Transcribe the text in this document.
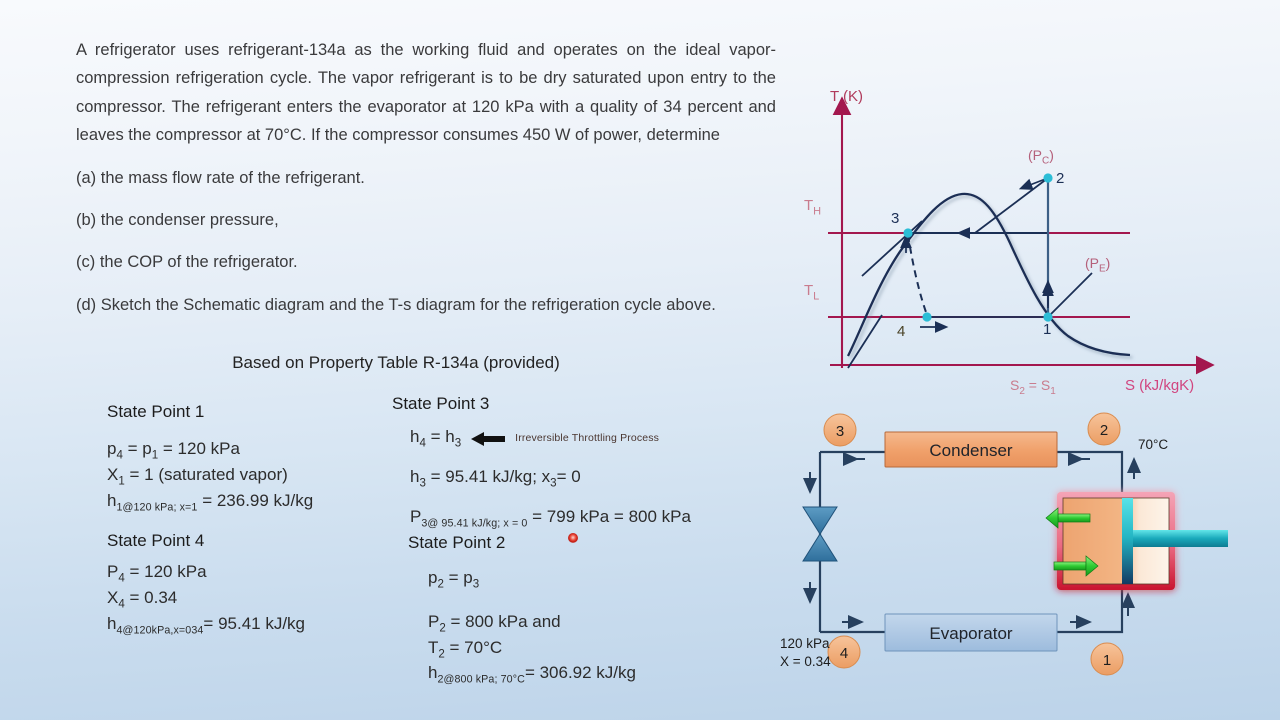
A refrigerator uses refrigerant-134a as the working fluid and operates on the ideal vapor-compression refrigeration cycle. The vapor refrigerant is to be dry saturated upon entry to the compressor. The refrigerant enters the evaporator at 120 kPa with a quality of 34 percent and leaves the compressor at 70°C. If the compressor consumes 450 W of power, determine

(a) the mass flow rate of the refrigerant.

(b) the condenser pressure,

(c) the COP of the refrigerator.

(d) Sketch the Schematic diagram and the T-s diagram for the refrigeration cycle above.

Based on Property Table R-134a (provided)
State Point 1
$p_4 = p_1 = 120$ kPa
$X_1 = 1$ (saturated vapor)
$h_{1@120 kPa; x=1} = 236.99$ kJ/kg
State Point 4
$P_4 = 120$ kPa
$X_4 = 0.34$
$h_{4@120kPa,x=034}= 95.41$ kJ/kg
State Point 3
$h_4 = h_3$	Irreversible Throttling Process
$h_3 = 95.41$ kJ/kg; $x_3= 0$
$P_{3@ 95.41 kJ/kg; x = 0} = 799$ kPa = 800 kPa
State Point 2
$p_2 = p_3$
$P_2 = 800$ kPa and
$T_2 = 70^\circ C$
$h_{2@800 kPa; 70^\circ C}= 306.92$ kJ/kg
2
3
4	1
$(P_C)$
$(P_E)$
$T_H$
$T_L$
T (K)
S (kJ/kgK)
$S_2 = S_1$
Condenser
Evaporator
3	2
4	1
70°C
120 kPa
X = 0.34
